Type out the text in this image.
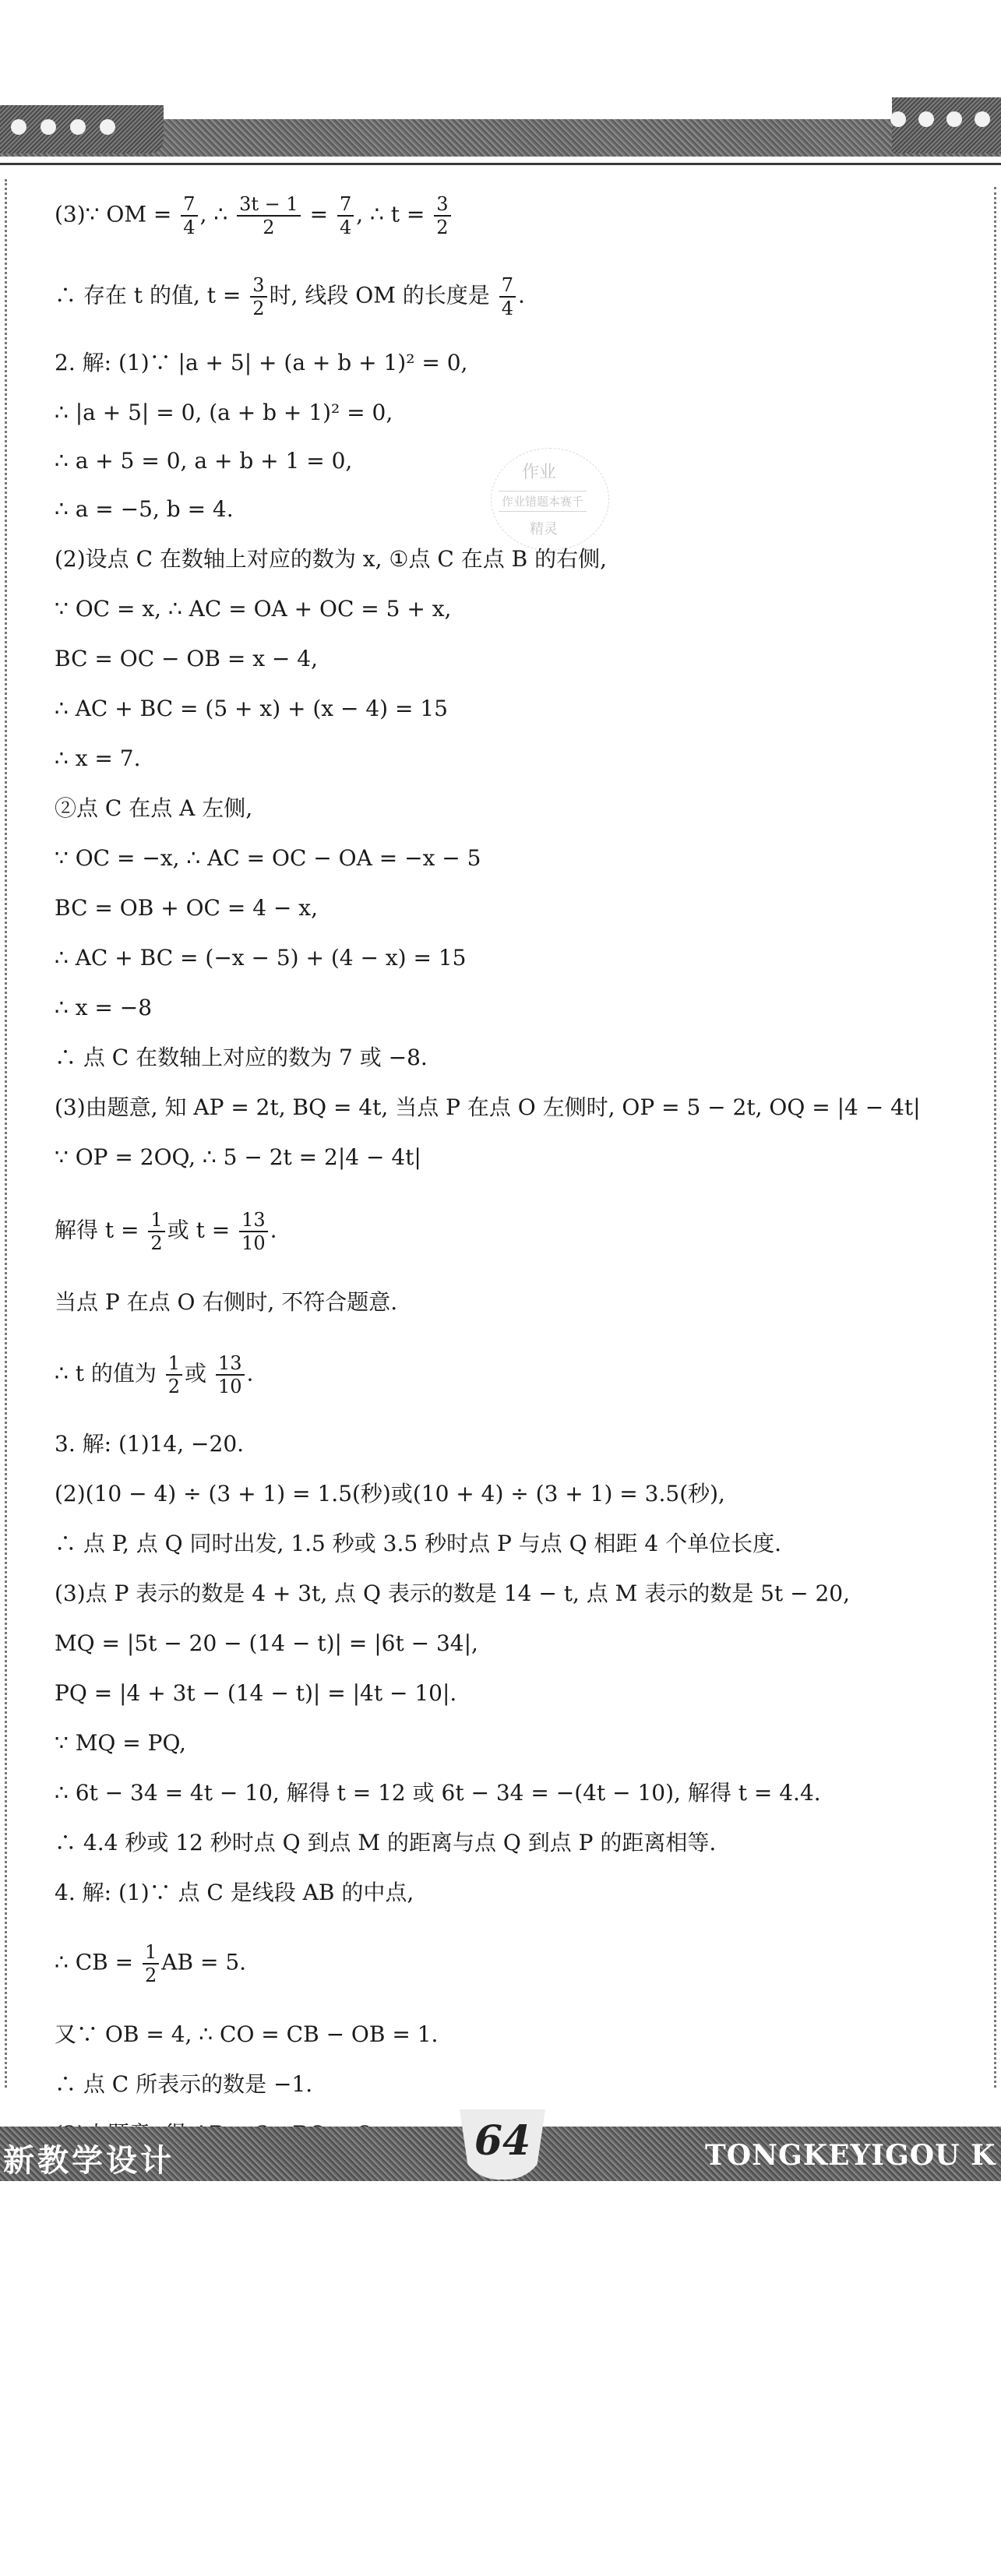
作业
作业错题本赛千
精灵
(3)∵ OM = $\frac{7}{4}$ , ∴ $\frac{3t - 1}{2} = \frac{7}{4}$ , ∴ $t = \frac{3}{2}$
∴ 存在 t 的值, $t = \frac{3}{2}$ 时, 线段 OM 的长度是 $\frac{7}{4}$ .
2. 解: (1)∵ |a + 5| + (a + b + 1)² = 0,
∴ |a + 5| = 0, (a + b + 1)² = 0,
∴ a + 5 = 0, a + b + 1 = 0,
∴ a = −5, b = 4.
(2)设点 C 在数轴上对应的数为 x, ①点 C 在点 B 的右侧,
∵ OC = x, ∴ AC = OA + OC = 5 + x,
BC = OC − OB = x − 4,
∴ AC + BC = (5 + x) + (x − 4) = 15
∴ x = 7.
②点 C 在点 A 左侧,
∵ OC = −x, ∴ AC = OC − OA = −x − 5
BC = OB + OC = 4 − x,
∴ AC + BC = (−x − 5) + (4 − x) = 15
∴ x = −8
∴ 点 C 在数轴上对应的数为 7 或 −8.
(3)由题意, 知 AP = 2t, BQ = 4t, 当点 P 在点 O 左侧时, OP = 5 − 2t, OQ = |4 − 4t|
∵ OP = 2OQ, ∴ 5 − 2t = 2|4 − 4t|
解得 $t = \frac{1}{2}$ 或 $t = \frac{13}{10}$ .
当点 P 在点 O 右侧时, 不符合题意.
∴ t 的值为 $\frac{1}{2}$ 或 $\frac{13}{10}$ .
3. 解: (1)14, −20.
(2)(10 − 4) ÷ (3 + 1) = 1.5(秒)或(10 + 4) ÷ (3 + 1) = 3.5(秒),
∴ 点 P, 点 Q 同时出发, 1.5 秒或 3.5 秒时点 P 与点 Q 相距 4 个单位长度.
(3)点 P 表示的数是 4 + 3t, 点 Q 表示的数是 14 − t, 点 M 表示的数是 5t − 20,
MQ = |5t − 20 − (14 − t)| = |6t − 34|,
PQ = |4 + 3t − (14 − t)| = |4t − 10|.
∵ MQ = PQ,
∴ 6t − 34 = 4t − 10, 解得 t = 12 或 6t − 34 = −(4t − 10), 解得 t = 4.4.
∴ 4.4 秒或 12 秒时点 Q 到点 M 的距离与点 Q 到点 P 的距离相等.
4. 解: (1)∵ 点 C 是线段 AB 的中点,
∴ CB = $\frac{1}{2}$ AB = 5.
又∵ OB = 4, ∴ CO = CB − OB = 1.
∴ 点 C 所表示的数是 −1.
新教学设计	64	TONGKEYIGOU K
